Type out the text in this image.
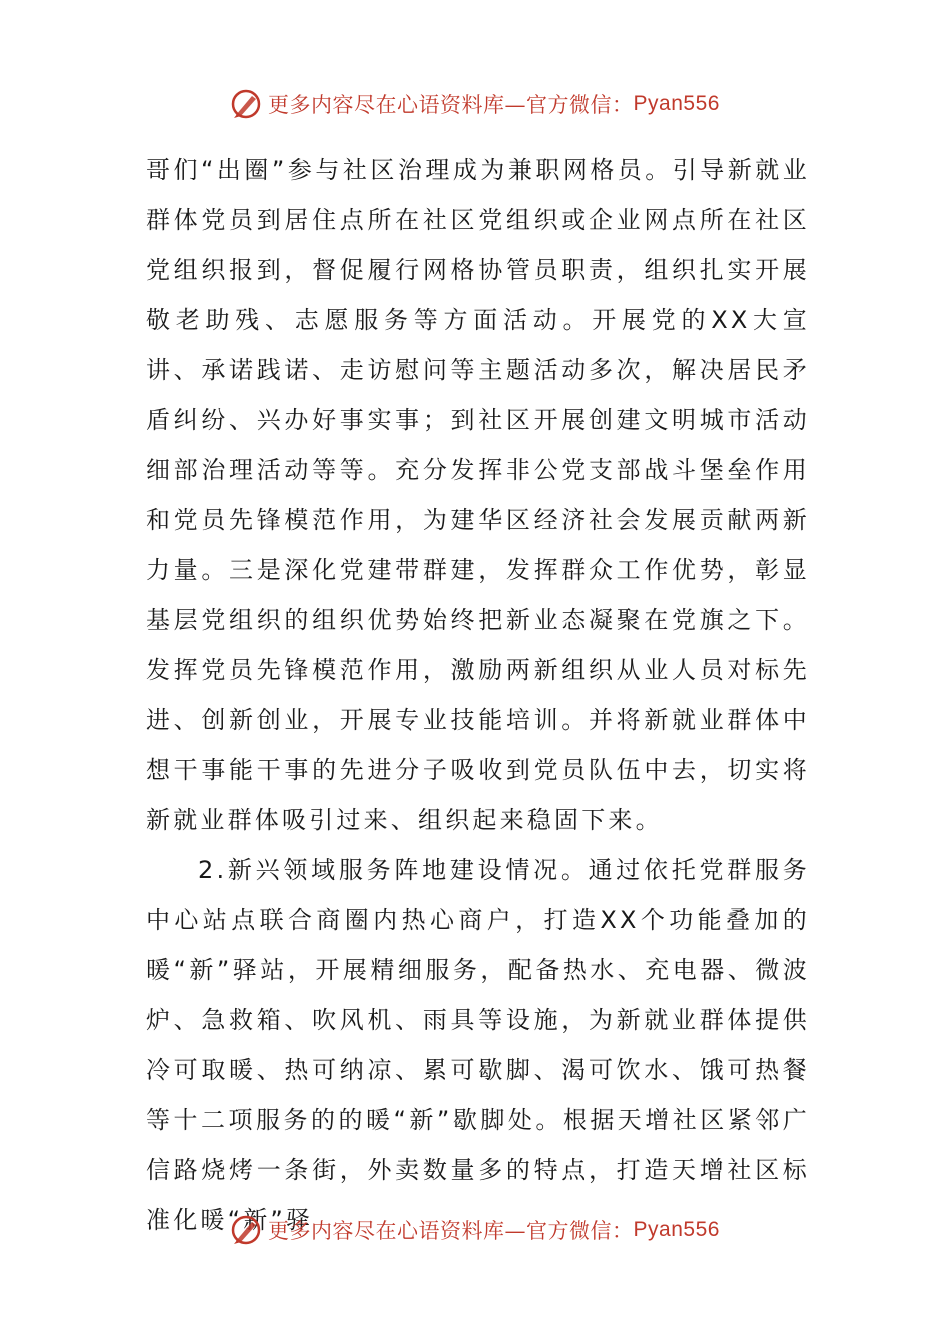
更多内容尽在心语资料库—官方微信： Pyan556

哥们“出圈”参与社区治理成为兼职网格员。引导新就业群体党员到居住点所在社区党组织或企业网点所在社区党组织报到，督促履行网格协管员职责，组织扎实开展敬老助残、志愿服务等方面活动。开展党的XX大宣讲、承诺践诺、走访慰问等主题活动多次，解决居民矛盾纠纷、兴办好事实事；到社区开展创建文明城市活动细部治理活动等等。充分发挥非公党支部战斗堡垒作用和党员先锋模范作用，为建华区经济社会发展贡献两新力量。三是深化党建带群建，发挥群众工作优势，彰显基层党组织的组织优势始终把新业态凝聚在党旗之下。发挥党员先锋模范作用，激励两新组织从业人员对标先进、创新创业，开展专业技能培训。并将新就业群体中想干事能干事的先进分子吸收到党员队伍中去，切实将新就业群体吸引过来、组织起来稳固下来。

2.新兴领域服务阵地建设情况。通过依托党群服务中心站点联合商圈内热心商户，打造XX个功能叠加的暖“新”驿站，开展精细服务，配备热水、充电器、微波炉、急救箱、吹风机、雨具等设施，为新就业群体提供冷可取暖、热可纳凉、累可歇脚、渴可饮水、饿可热餐等十二项服务的的暖“新”歇脚处。根据天增社区紧邻广信路烧烤一条街，外卖数量多的特点，打造天增社区标准化暖“新”驿

更多内容尽在心语资料库—官方微信： Pyan556
